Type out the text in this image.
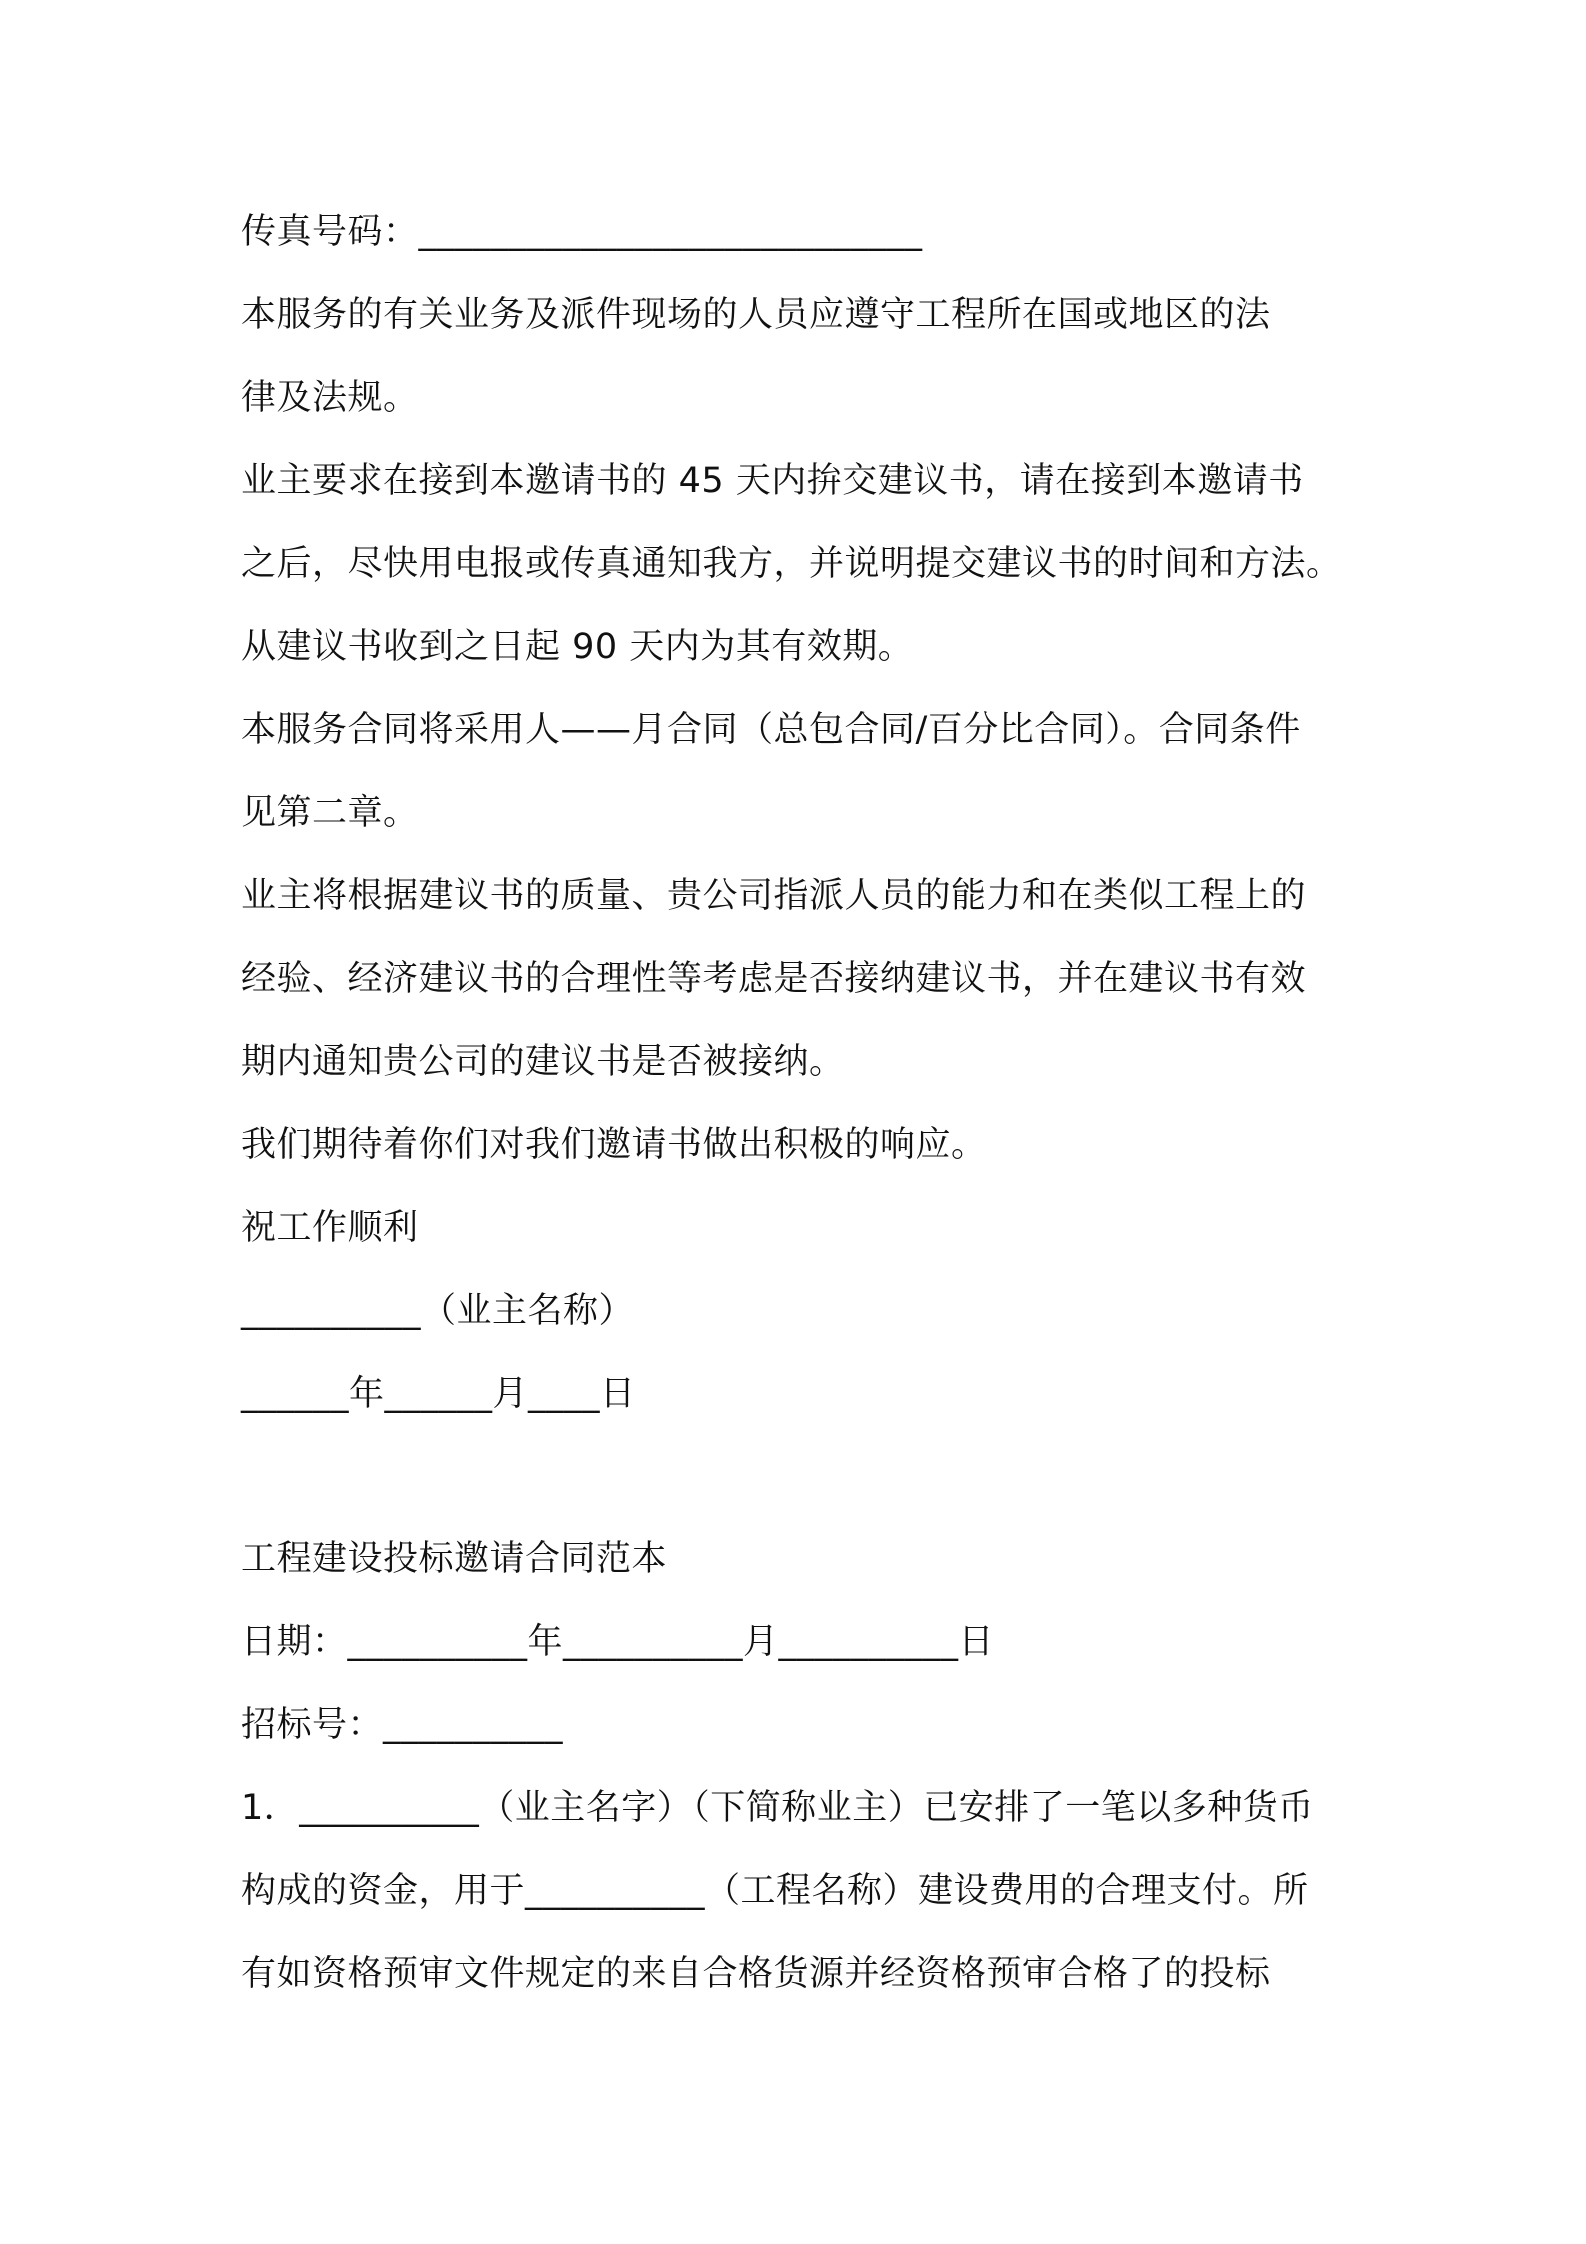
传真号码：____________________________
本服务的有关业务及派件现场的人员应遵守工程所在国或地区的法
律及法规。
业主要求在接到本邀请书的 45 天内拚交建议书，请在接到本邀请书
之后，尽快用电报或传真通知我方，并说明提交建议书的时间和方法。
从建议书收到之日起 90 天内为其有效期。
本服务合同将采用人——月合同（总包合同/百分比合同）。合同条件
见第二章。
业主将根据建议书的质量、贵公司指派人员的能力和在类似工程上的
经验、经济建议书的合理性等考虑是否接纳建议书，并在建议书有效
期内通知贵公司的建议书是否被接纳。
我们期待着你们对我们邀请书做出积极的响应。
祝工作顺利
__________（业主名称）
______年______月____日
工程建设投标邀请合同范本
日期：__________年__________月__________日
招标号：__________
1．__________（业主名字）（下简称业主）已安排了一笔以多种货币
构成的资金，用于__________（工程名称）建设费用的合理支付。所
有如资格预审文件规定的来自合格货源并经资格预审合格了的投标
